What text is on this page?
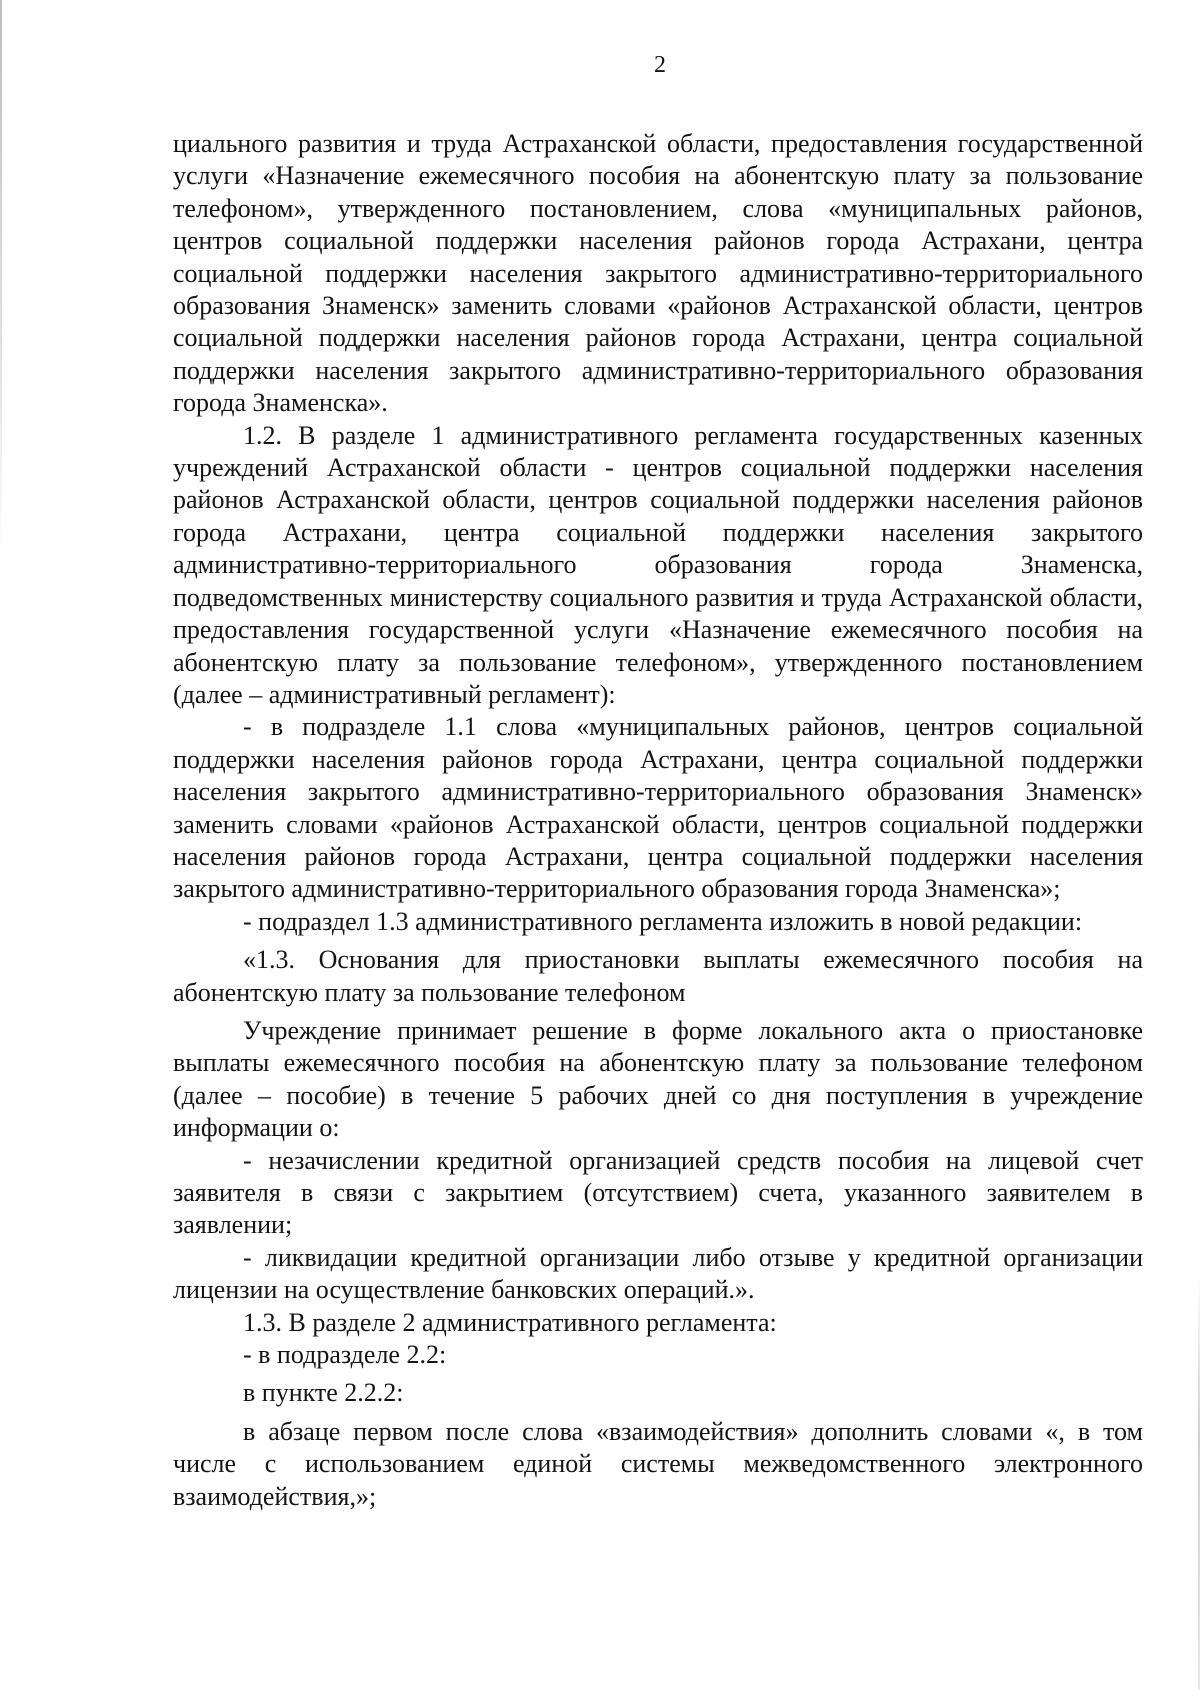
2

циального развития и труда Астраханской области, предоставления государственной услуги «Назначение ежемесячного пособия на абонентскую плату за пользование телефоном», утвержденного постановлением, слова «муниципальных районов, центров социальной поддержки населения районов города Астрахани, центра социальной поддержки населения закрытого административно-территориального образования Знаменск» заменить словами «районов Астраханской области, центров социальной поддержки населения районов города Астрахани, центра социальной поддержки населения закрытого административно-территориального образования города Знаменска».

1.2. В разделе 1 административного регламента государственных казенных учреждений Астраханской области - центров социальной поддержки населения районов Астраханской области, центров социальной поддержки населения районов города Астрахани, центра социальной поддержки населения закрытого административно-территориального образования города Знаменска, подведомственных министерству социального развития и труда Астраханской области, предоставления государственной услуги «Назначение ежемесячного пособия на абонентскую плату за пользование телефоном», утвержденного постановлением (далее – административный регламент):

- в подразделе 1.1 слова «муниципальных районов, центров социальной поддержки населения районов города Астрахани, центра социальной поддержки населения закрытого административно-территориального образования Знаменск» заменить словами «районов Астраханской области, центров социальной поддержки населения районов города Астрахани, центра социальной поддержки населения закрытого административно-территориального образования города Знаменска»;

- подраздел 1.3 административного регламента изложить в новой редакции:

«1.3. Основания для приостановки выплаты ежемесячного пособия на абонентскую плату за пользование телефоном

Учреждение принимает решение в форме локального акта о приостановке выплаты ежемесячного пособия на абонентскую плату за пользование телефоном (далее – пособие) в течение 5 рабочих дней со дня поступления в учреждение информации о:

- незачислении кредитной организацией средств пособия на лицевой счет заявителя в связи с закрытием (отсутствием) счета, указанного заявителем в заявлении;

- ликвидации кредитной организации либо отзыве у кредитной организации лицензии на осуществление банковских операций.».

1.3. В разделе 2 административного регламента:

- в подразделе 2.2:

в пункте 2.2.2:

в абзаце первом после слова «взаимодействия» дополнить словами «, в том числе с использованием единой системы межведомственного электронного взаимодействия,»;
